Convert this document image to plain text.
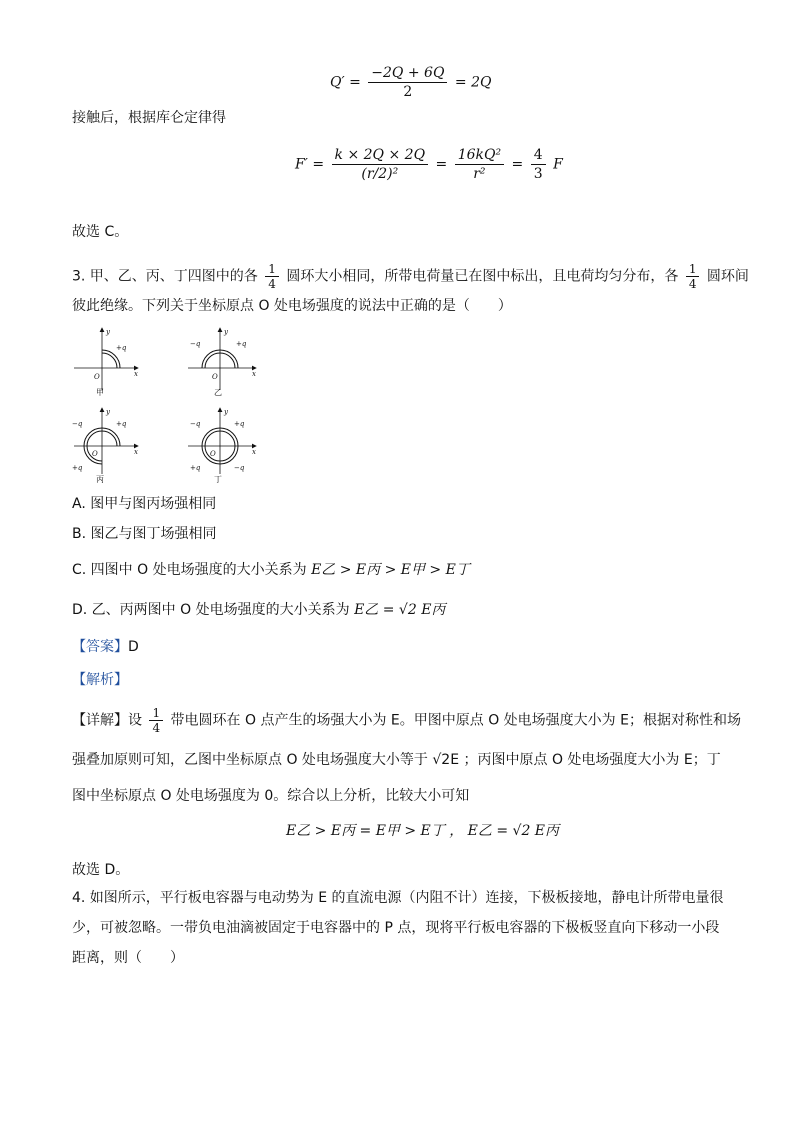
$Q' = \frac{-2Q + 6Q}{2} = 2Q$
接触后，根据库仑定律得
$F' = \frac{k \times 2Q \times 2Q}{\text{(r/2)²}} = \frac{\text{16kQ²}}{\text{r²}} = \frac{4}{3}$ F
故选 C。
3. 甲、乙、丙、丁四图中的各 $\frac{1}{4}$ 圆环大小相同，所带电荷量已在图中标出，且电荷均匀分布，各 $\frac{1}{4}$ 圆环间
彼此绝缘。下列关于坐标原点 O 处电场强度的说法中正确的是（　　）
y
x
O
+q
甲
y
x
O
−q	+q
乙
y
x
O
−q	+q
+q
丙
y
x
O
−q	+q
+q	−q
丁
A. 图甲与图丙场强相同
B. 图乙与图丁场强相同
C. 四图中 O 处电场强度的大小关系为 E乙 > E丙 > E甲 > E丁
D. 乙、丙两图中 O 处电场强度的大小关系为 E乙 = √2 E丙
【答案】D
【解析】
【详解】设 $\frac{1}{4}$ 带电圆环在 O 点产生的场强大小为 E。甲图中原点 O 处电场强度大小为 E；根据对称性和场
强叠加原则可知，乙图中坐标原点 O 处电场强度大小等于 √2E ；丙图中原点 O 处电场强度大小为 E；丁
图中坐标原点 O 处电场强度为 0。综合以上分析，比较大小可知
E乙 > E丙 = E甲 > E丁 ， E乙 = √2 E丙
故选 D。
4. 如图所示，平行板电容器与电动势为 E 的直流电源（内阻不计）连接，下极板接地，静电计所带电量很
少，可被忽略。一带负电油滴被固定于电容器中的 P 点，现将平行板电容器的下极板竖直向下移动一小段
距离，则（　　）
